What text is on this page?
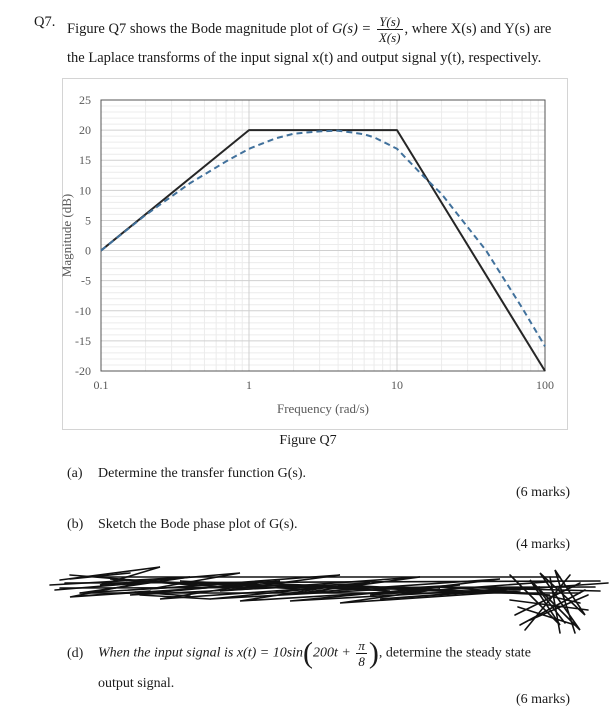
Q7. Figure Q7 shows the Bode magnitude plot of $G(s) = \frac{Y(s)}{X(s)}$ , where X(s) and Y(s) are
the Laplace transforms of the input signal x(t) and output signal y(t), respectively.
25
20
15
10
5
0
-5
-10
-15
-20
0.1	1	10	100
Frequency (rad/s)
Magnitude (dB)
Figure Q7
(a) Determine the transfer function G(s).
(6 marks)
(b) Sketch the Bode phase plot of G(s).
(4 marks)
(d) When the input signal is $x(t) = 10\sin(200t + \frac{\pi}{8}$ ), determine the steady state
output signal.
(6 marks)
